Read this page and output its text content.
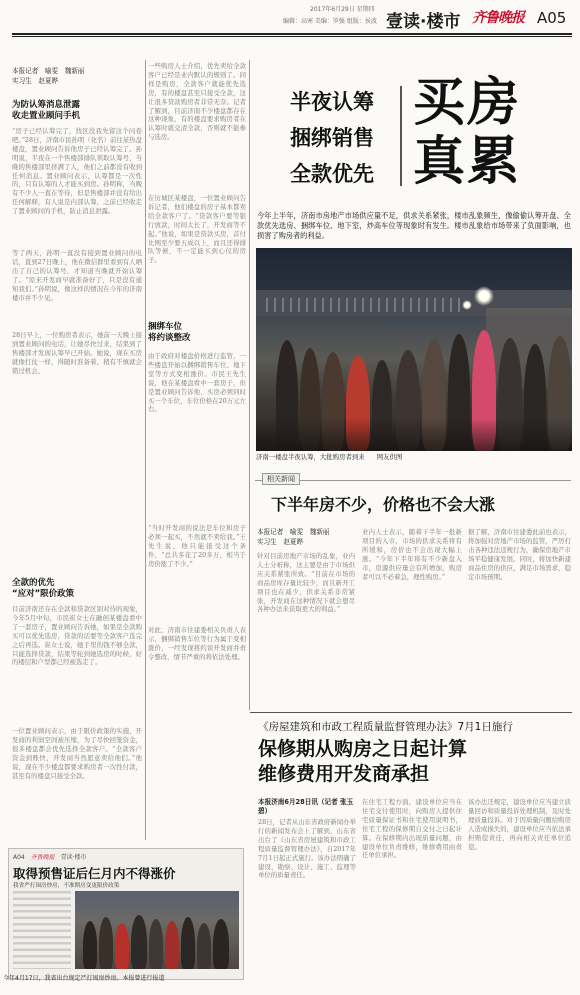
2017年6月29日 星期四
编辑：高寒 美编：罗强 组版：侯波 壹读·楼市 齐鲁晚报 A05
本报记者　喻雯　魏新丽
实习生　赵夏晔
为防认筹消息泄露
收走置业顾问手机
“房子已经认筹完了，找区没我先留这个问卷吧。”28日，济南市民孙明（化名）前往某热盘楼盘，置业顾问告诉他房子已经认筹完了。孙明说，半夜在一个售楼部排队领取认筹号，当晚的售楼部里挤满了人，他们之前都没有收到任何消息。置业顾问表示，认筹都是一次性的，只有认筹的人才能买到房。孙明称，当晚有不少人一直在等待，但是售楼部并没有给出任何解释，有人说是内部认筹，之前已经收走了置业顾问的手机，防止消息泄露。
等了两天，孙明一直没有接到置业顾问的电话，直到27日晚上，他在微信群里看到有人晒出了自己的认筹号，才知道当晚就开始认筹了。“原来开发商早就准备好了，只是没有通知我们。”孙明说，像这样的情况在今年的济南楼市并不少见。
28日早上，一位购房者表示，她前一天晚上接到置业顾问的电话，让她尽快过来，结果到了售楼部才发现认筹早已开始。她说，现在买房就像打仗一样，得随时准备着，稍有不慎就会错过机会。
全款的优先
“应对”限价政策
目前济南还存在全款和贷款区别对待的现象，今年5月中旬，市民崔女士在融创某楼盘看中了一套房子，置业顾问告诉她，如果是全款购买可以优先选房，贷款的话要等全款客户选完之后再选。崔女士说，她手里的钱不够全款，只能选择贷款，结果等轮到她选房的时候，好的楼层和户型都已经被选走了。
一位置业顾问表示，由于限价政策的实施，开发商的利润空间被压缩，为了尽快回笼资金，很多楼盘都会优先选择全款客户。“全款客户资金到账快，开发商当然愿意卖给他们。”他说，现在不少楼盘都要求购房者一次性付款，甚至有的楼盘只接受全款。
A04 齐鲁晚报 壹读·楼市
取得预售证后仨月内不得涨价
我省严打囤房炒房，不准期房变更限价政策
今年4月17日，我省出台规定严打囤房炒房。本报曾进行报道
一些购房人士介绍，优先卖给全款客户已经是业内默认的规则了。同样是购房，全款客户就能优先选房，有的楼盘甚至只接受全款，这让很多贷款购房者非常无奈。记者了解到，目前济南不少楼盘都存在这种现象，有的楼盘要求购房者在认筹时就交清全款，否则就不能参与选房。
在历城区某楼盘，一位置业顾问告诉记者，他们楼盘的房子基本都卖给全款客户了。“贷款客户要等银行放款，时间太长了，开发商等不起。”他说，如果是贷款买房，首付比例至少要五成以上，而且还得排队等候，不一定能买到心仪的房子。
捆绑车位
将约谈整改
由于政府对楼盘价格进行监管，一些楼盘开始以捆绑销售车位、地下室等方式变相涨价。市民王先生说，他在某楼盘看中一套房子，但是置业顾问告诉他，买房必须同时买一个车位，车位价格在20万元左右。
“当时开发商的说法是车位和房子必须一起买，不然就不卖给我。”王先生说，他只能接受这个条件，“总共多花了20多万，相当于房价涨了不少。”
对此，济南市住建委相关负责人表示，捆绑销售车位等行为属于变相涨价，一经发现将约谈开发商并责令整改，情节严重的将依法处理。
半夜认筹
捆绑销售
全款优先
买房
真累
今年上半年，济南市房地产市场供应量不足，供求关系紧张，楼市乱象频生，像偷偷认筹开盘、全款优先选房、捆绑车位、地下室，炒高车位等现象时有发生。楼市乱象给市场带来了负面影响，也损害了购房者的利益。
济南一楼盘半夜认筹，大批购房者到来 网友供图
相关新闻
下半年房不少，价格也不会大涨
本报记者　喻雯　魏新丽
实习生　赵夏晔
针对目前房地产市场的乱象，业内人士分析称，这主要是由于市场供应关系紧张所致。“目前在市场的商品房库存量比较少，而且新开工项目也在减少，供求关系非常紧张，开发商在这种情况下就会想尽各种办法来获取更大的利益。”
业内人士表示，随着下半年一批新项目的入市，市场的供求关系将有所缓和，房价也不会出现大幅上涨。“今年下半年将有不少新盘入市，房源供应量会有所增加，购房者可以不必着急，理性购房。”
据了解，济南市住建委此前也表示，将加强对房地产市场的监管，严厉打击各种违法违规行为，确保房地产市场平稳健康发展。同时，将加快新建商品住房的供应，满足市场需求，稳定市场预期。
《房屋建筑和市政工程质量监督管理办法》7月1日施行
保修期从购房之日起计算
维修费用开发商承担
本报济南6月28日讯（记者 张玉碧）
28日，记者从山东省政府新闻办举行的新闻发布会上了解到，山东省出台了《山东省房屋建筑和市政工程质量监督管理办法》，自2017年7月1日起正式施行。该办法明确了建设、勘察、设计、施工、监理等单位的质量责任。
在住宅工程方面，建设单位应当在住宅交付使用时，向购房人提供住宅质量保证书和住宅使用说明书，住宅工程的保修期自交付之日起计算。在保修期内出现质量问题，由建设单位负责维修，维修费用由责任单位承担。
该办法还规定，建设单位应当建立质量回访和质量投诉处理机制，及时处理质量投诉。对于因质量问题给购房人造成损失的，建设单位应当依法承担赔偿责任，再向相关责任单位追偿。
